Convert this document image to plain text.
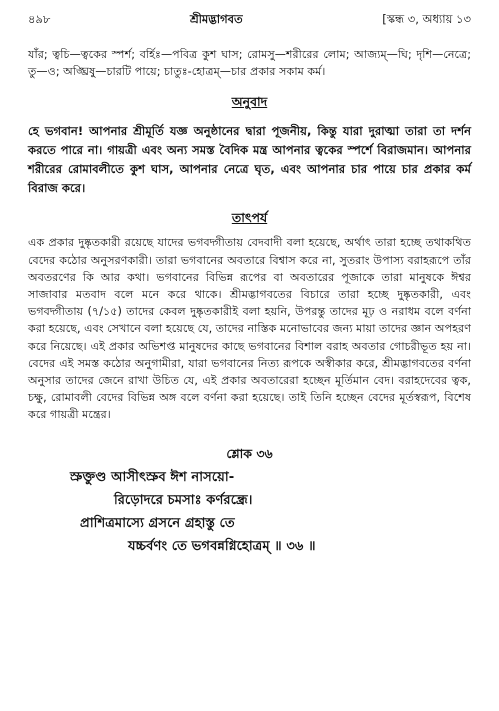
৪৯৮	শ্রীমদ্ভাগবত	[স্কন্ধ ৩, অধ্যায় ১৩
যাঁর; ত্বচি—ত্বকের স্পর্শ; বর্হিঃ—পবিত্র কুশ ঘাস; রোমসু—শরীরের লোম; আজ্যম্—ঘি; দৃশি—নেত্রে; তু—ও; অঙ্ঘ্রিষু—চারটি পায়ে; চাতুঃ-হোত্রম্—চার প্রকার সকাম কর্ম।
অনুবাদ
হে ভগবান! আপনার শ্রীমূর্তি যজ্ঞ অনুষ্ঠানের দ্বারা পূজনীয়, কিন্তু যারা দুরাত্মা তারা তা দর্শন করতে পারে না। গায়ত্রী এবং অন্য সমস্ত বৈদিক মন্ত্র আপনার ত্বকের স্পর্শে বিরাজমান। আপনার শরীরের রোমাবলীতে কুশ ঘাস, আপনার নেত্রে ঘৃত, এবং আপনার চার পায়ে চার প্রকার কর্ম বিরাজ করে।
তাৎপর্য
এক প্রকার দুষ্কৃতকারী রয়েছে যাদের ভগবদ্গীতায় বেদবাদী বলা হয়েছে, অর্থাৎ তারা হচ্ছে তথাকথিত বেদের কঠোর অনুসরণকারী। তারা ভগবানের অবতারে বিশ্বাস করে না, সুতরাং উপাস্য বরাহরূপে তাঁর অবতরণের কি আর কথা। ভগবানের বিভিন্ন রূপের বা অবতারের পূজাকে তারা মানুষকে ঈশ্বর সাজাবার মতবাদ বলে মনে করে থাকে। শ্রীমদ্ভাগবতের বিচারে তারা হচ্ছে দুষ্কৃতকারী, এবং ভগবদ্গীতায় (৭/১৫) তাদের কেবল দুষ্কৃতকারীই বলা হয়নি, উপরন্তু তাদের মূঢ় ও নরাধম বলে বর্ণনা করা হয়েছে, এবং সেখানে বলা হয়েছে যে, তাদের নাস্তিক মনোভাবের জন্য মায়া তাদের জ্ঞান অপহরণ করে নিয়েছে। এই প্রকার অভিশপ্ত মানুষদের কাছে ভগবানের বিশাল বরাহ অবতার গোচরীভূত হয় না। বেদের এই সমস্ত কঠোর অনুগামীরা, যারা ভগবানের নিত্য রূপকে অস্বীকার করে, শ্রীমদ্ভাগবতের বর্ণনা অনুসার তাদের জেনে রাখা উচিত যে, এই প্রকার অবতারেরা হচ্ছেন মূর্তিমান বেদ। বরাহদেবের ত্বক, চক্ষু, রোমাবলী বেদের বিভিন্ন অঙ্গ বলে বর্ণনা করা হয়েছে। তাই তিনি হচ্ছেন বেদের মূর্তস্বরূপ, বিশেষ করে গায়ত্রী মন্ত্রের।
শ্লোক ৩৬
স্রুক্তুণ্ড আসীৎস্রুব ঈশ নাসয়ো-
রিড়োদরে চমসাঃ কর্ণরন্ধ্রে।
প্রাশিত্রমাস্যে গ্রসনে গ্রহাস্তু তে
যচ্চর্বণং তে ভগবন্নগ্নিহোত্রম্ ॥ ৩৬ ॥
